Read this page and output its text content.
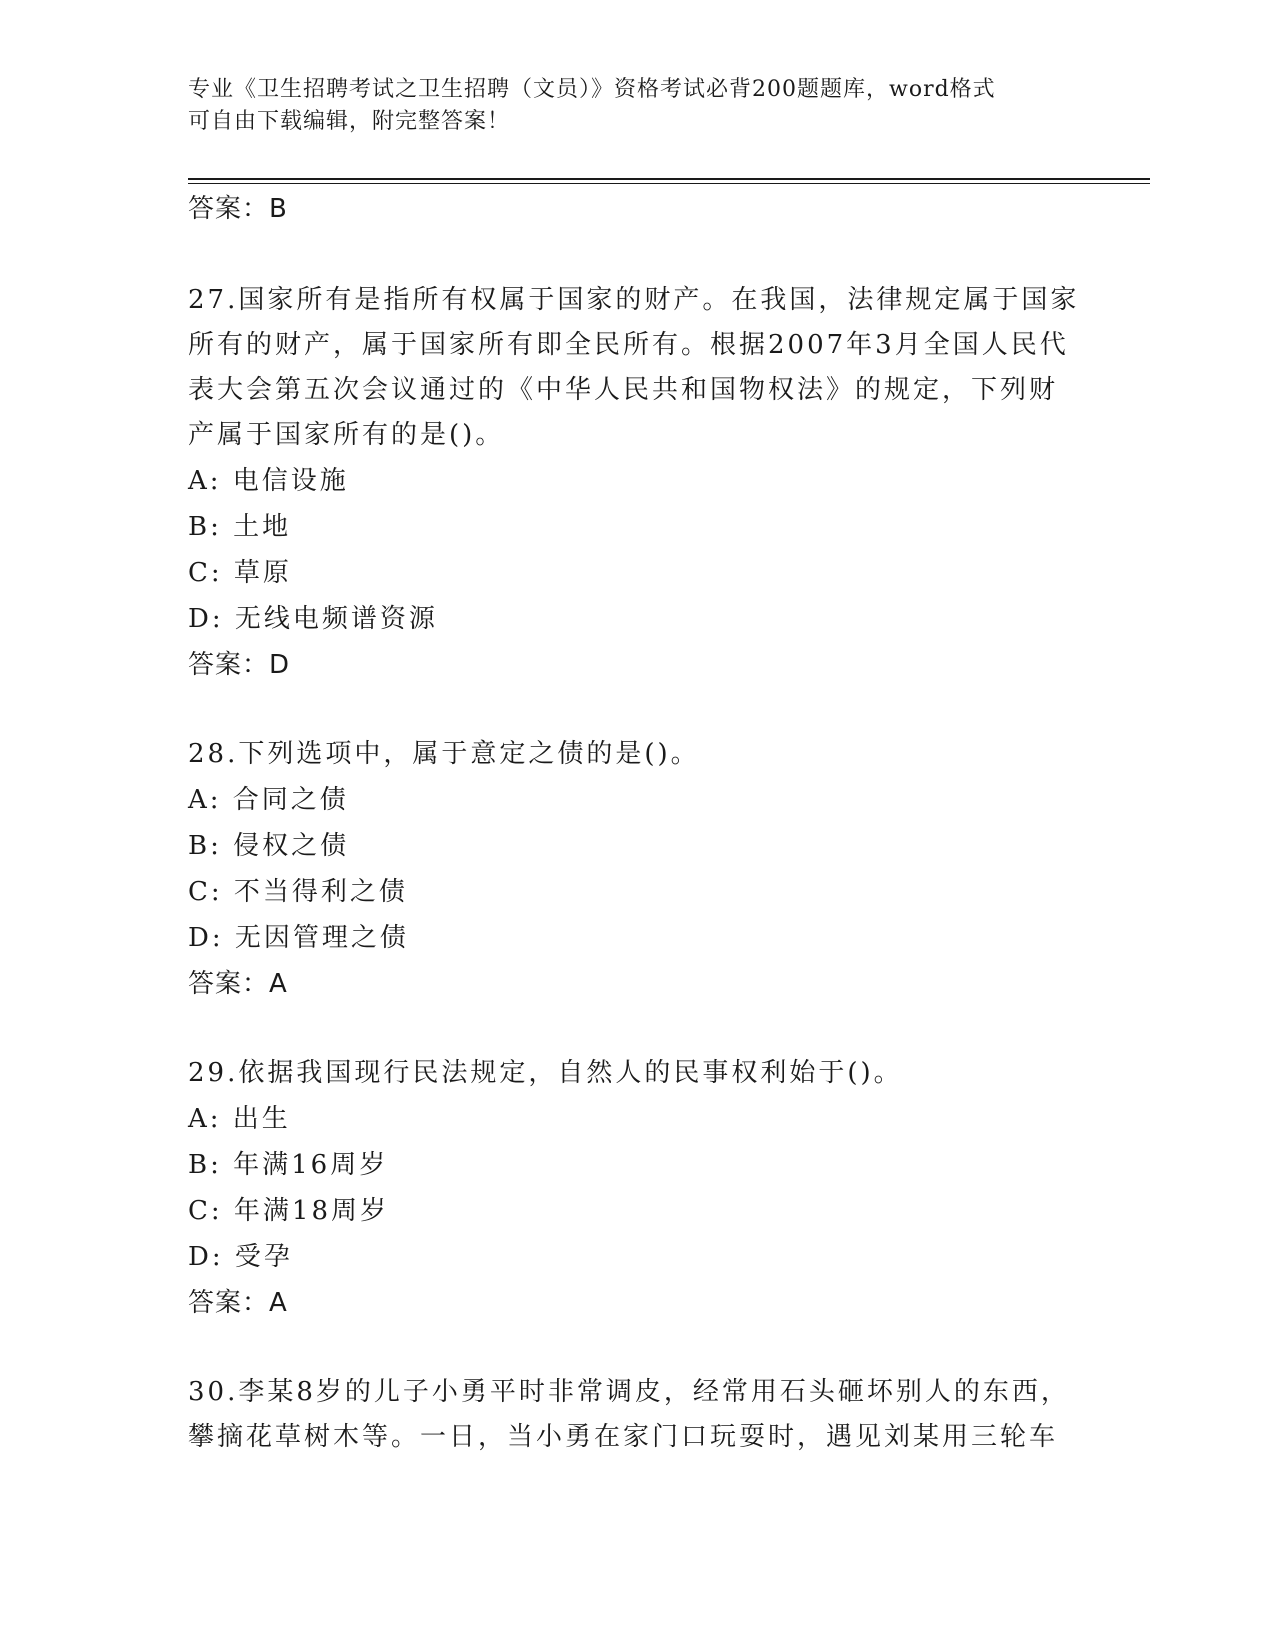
专业《卫生招聘考试之卫生招聘（文员）》资格考试必背200题题库，word格式
可自由下载编辑，附完整答案！
答案：B
27.国家所有是指所有权属于国家的财产。在我国，法律规定属于国家
所有的财产，属于国家所有即全民所有。根据2007年3月全国人民代
表大会第五次会议通过的《中华人民共和国物权法》的规定，下列财
产属于国家所有的是()。
A: 电信设施
B: 土地
C: 草原
D: 无线电频谱资源
答案：D
28.下列选项中，属于意定之债的是()。
A: 合同之债
B: 侵权之债
C: 不当得利之债
D: 无因管理之债
答案：A
29.依据我国现行民法规定，自然人的民事权利始于()。
A: 出生
B: 年满16周岁
C: 年满18周岁
D: 受孕
答案：A
30.李某8岁的儿子小勇平时非常调皮，经常用石头砸坏别人的东西，
攀摘花草树木等。一日，当小勇在家门口玩耍时，遇见刘某用三轮车
